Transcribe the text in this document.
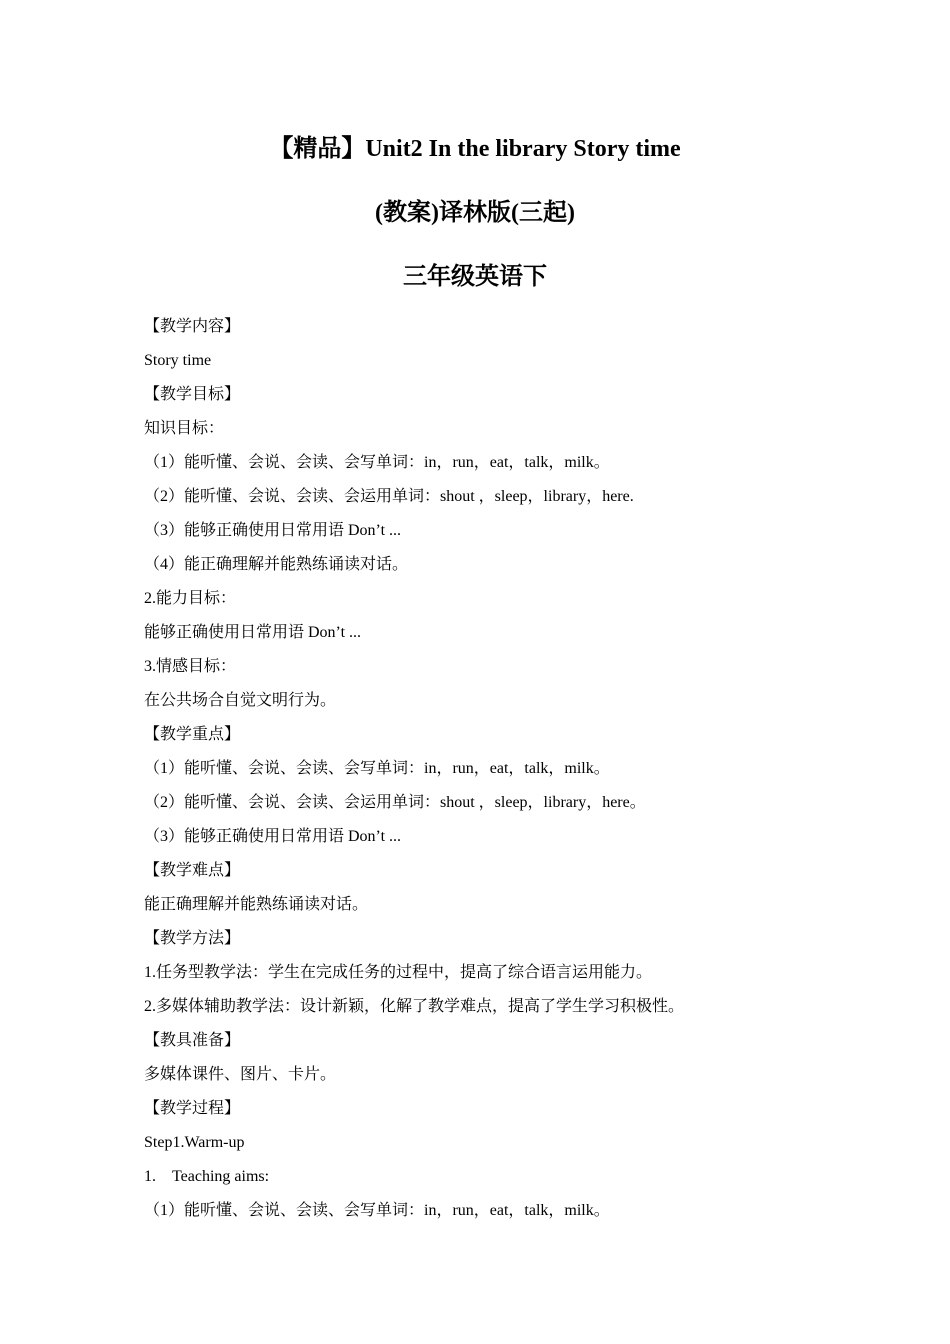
【精品】Unit2 In the library Story time
(教案)译林版(三起)
三年级英语下
【教学内容】
Story time
【教学目标】
知识目标：
（1）能听懂、会说、会读、会写单词：in，run，eat，talk，milk。
（2）能听懂、会说、会读、会运用单词：shout ，sleep，library，here.
（3）能够正确使用日常用语 Don’t ...
（4）能正确理解并能熟练诵读对话。
2.能力目标：
能够正确使用日常用语 Don’t ...
3.情感目标：
在公共场合自觉文明行为。
【教学重点】
（1）能听懂、会说、会读、会写单词：in，run，eat，talk，milk。
（2）能听懂、会说、会读、会运用单词：shout ，sleep，library，here。
（3）能够正确使用日常用语 Don’t ...
【教学难点】
能正确理解并能熟练诵读对话。
【教学方法】
1.任务型教学法：学生在完成任务的过程中，提高了综合语言运用能力。
2.多媒体辅助教学法：设计新颖，化解了教学难点，提高了学生学习积极性。
【教具准备】
多媒体课件、图片、卡片。
【教学过程】
Step1.Warm-up
1. Teaching aims:
（1）能听懂、会说、会读、会写单词：in，run，eat，talk，milk。
